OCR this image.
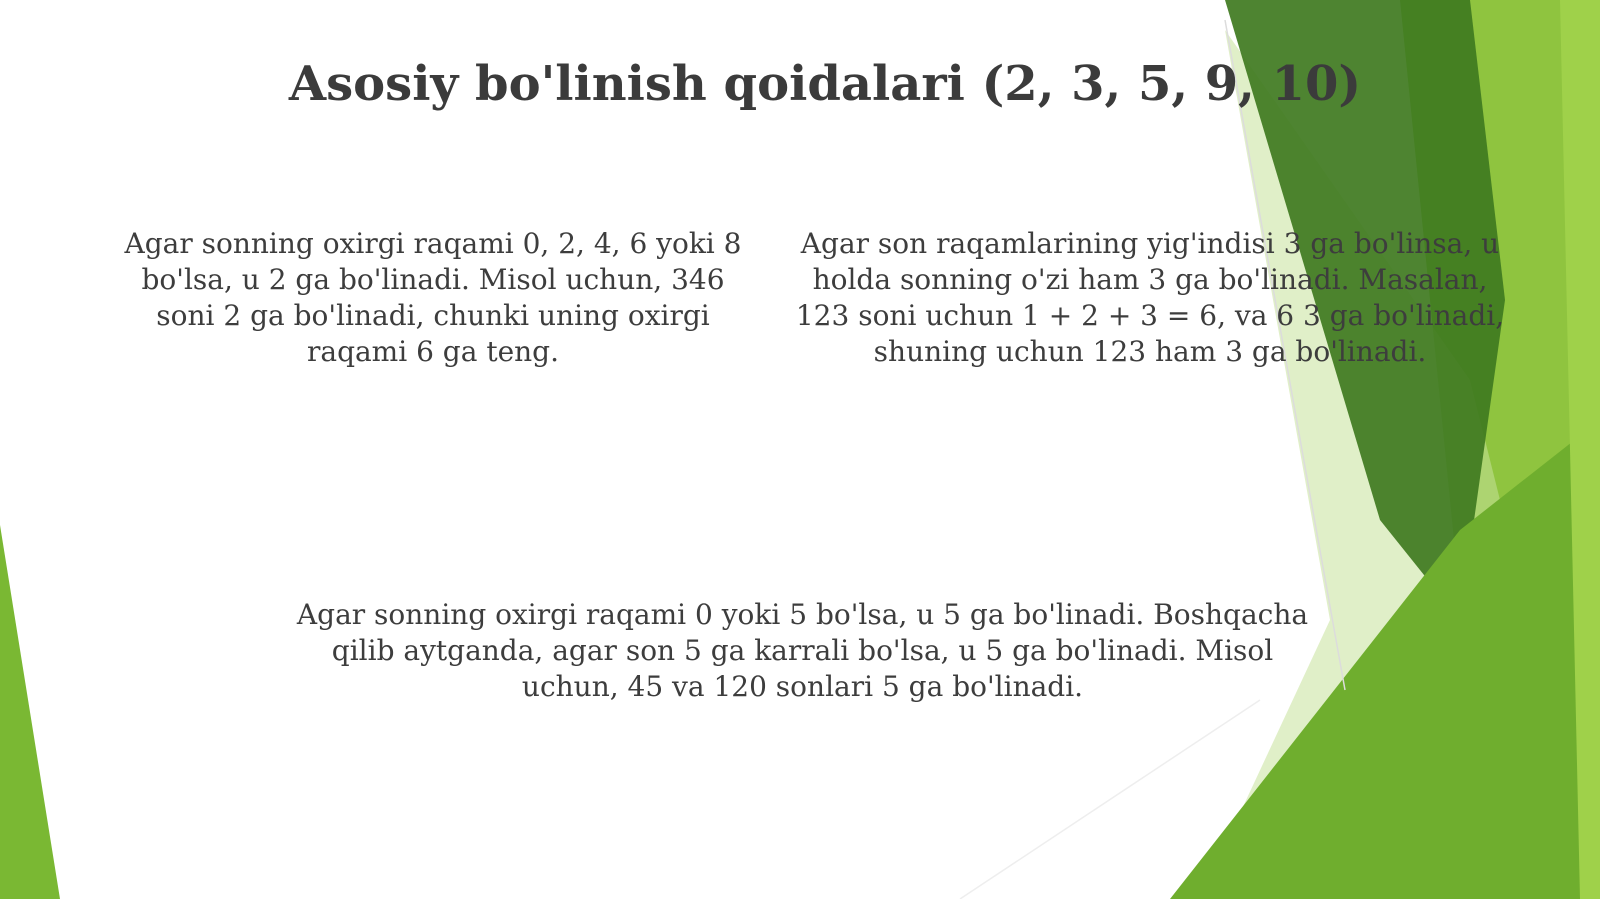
Asosiy bo'linish qoidalari (2, 3, 5, 9, 10)

Agar sonning oxirgi raqami 0, 2, 4, 6 yoki 8 bo'lsa, u 2 ga bo'linadi. Misol uchun, 346 soni 2 ga bo'linadi, chunki uning oxirgi raqami 6 ga teng.

Agar son raqamlarining yig'indisi 3 ga bo'linsa, u holda sonning o'zi ham 3 ga bo'linadi. Masalan, 123 soni uchun 1 + 2 + 3 = 6, va 6 3 ga bo'linadi, shuning uchun 123 ham 3 ga bo'linadi.

Agar sonning oxirgi raqami 0 yoki 5 bo'lsa, u 5 ga bo'linadi. Boshqacha qilib aytganda, agar son 5 ga karrali bo'lsa, u 5 ga bo'linadi. Misol uchun, 45 va 120 sonlari 5 ga bo'linadi.
